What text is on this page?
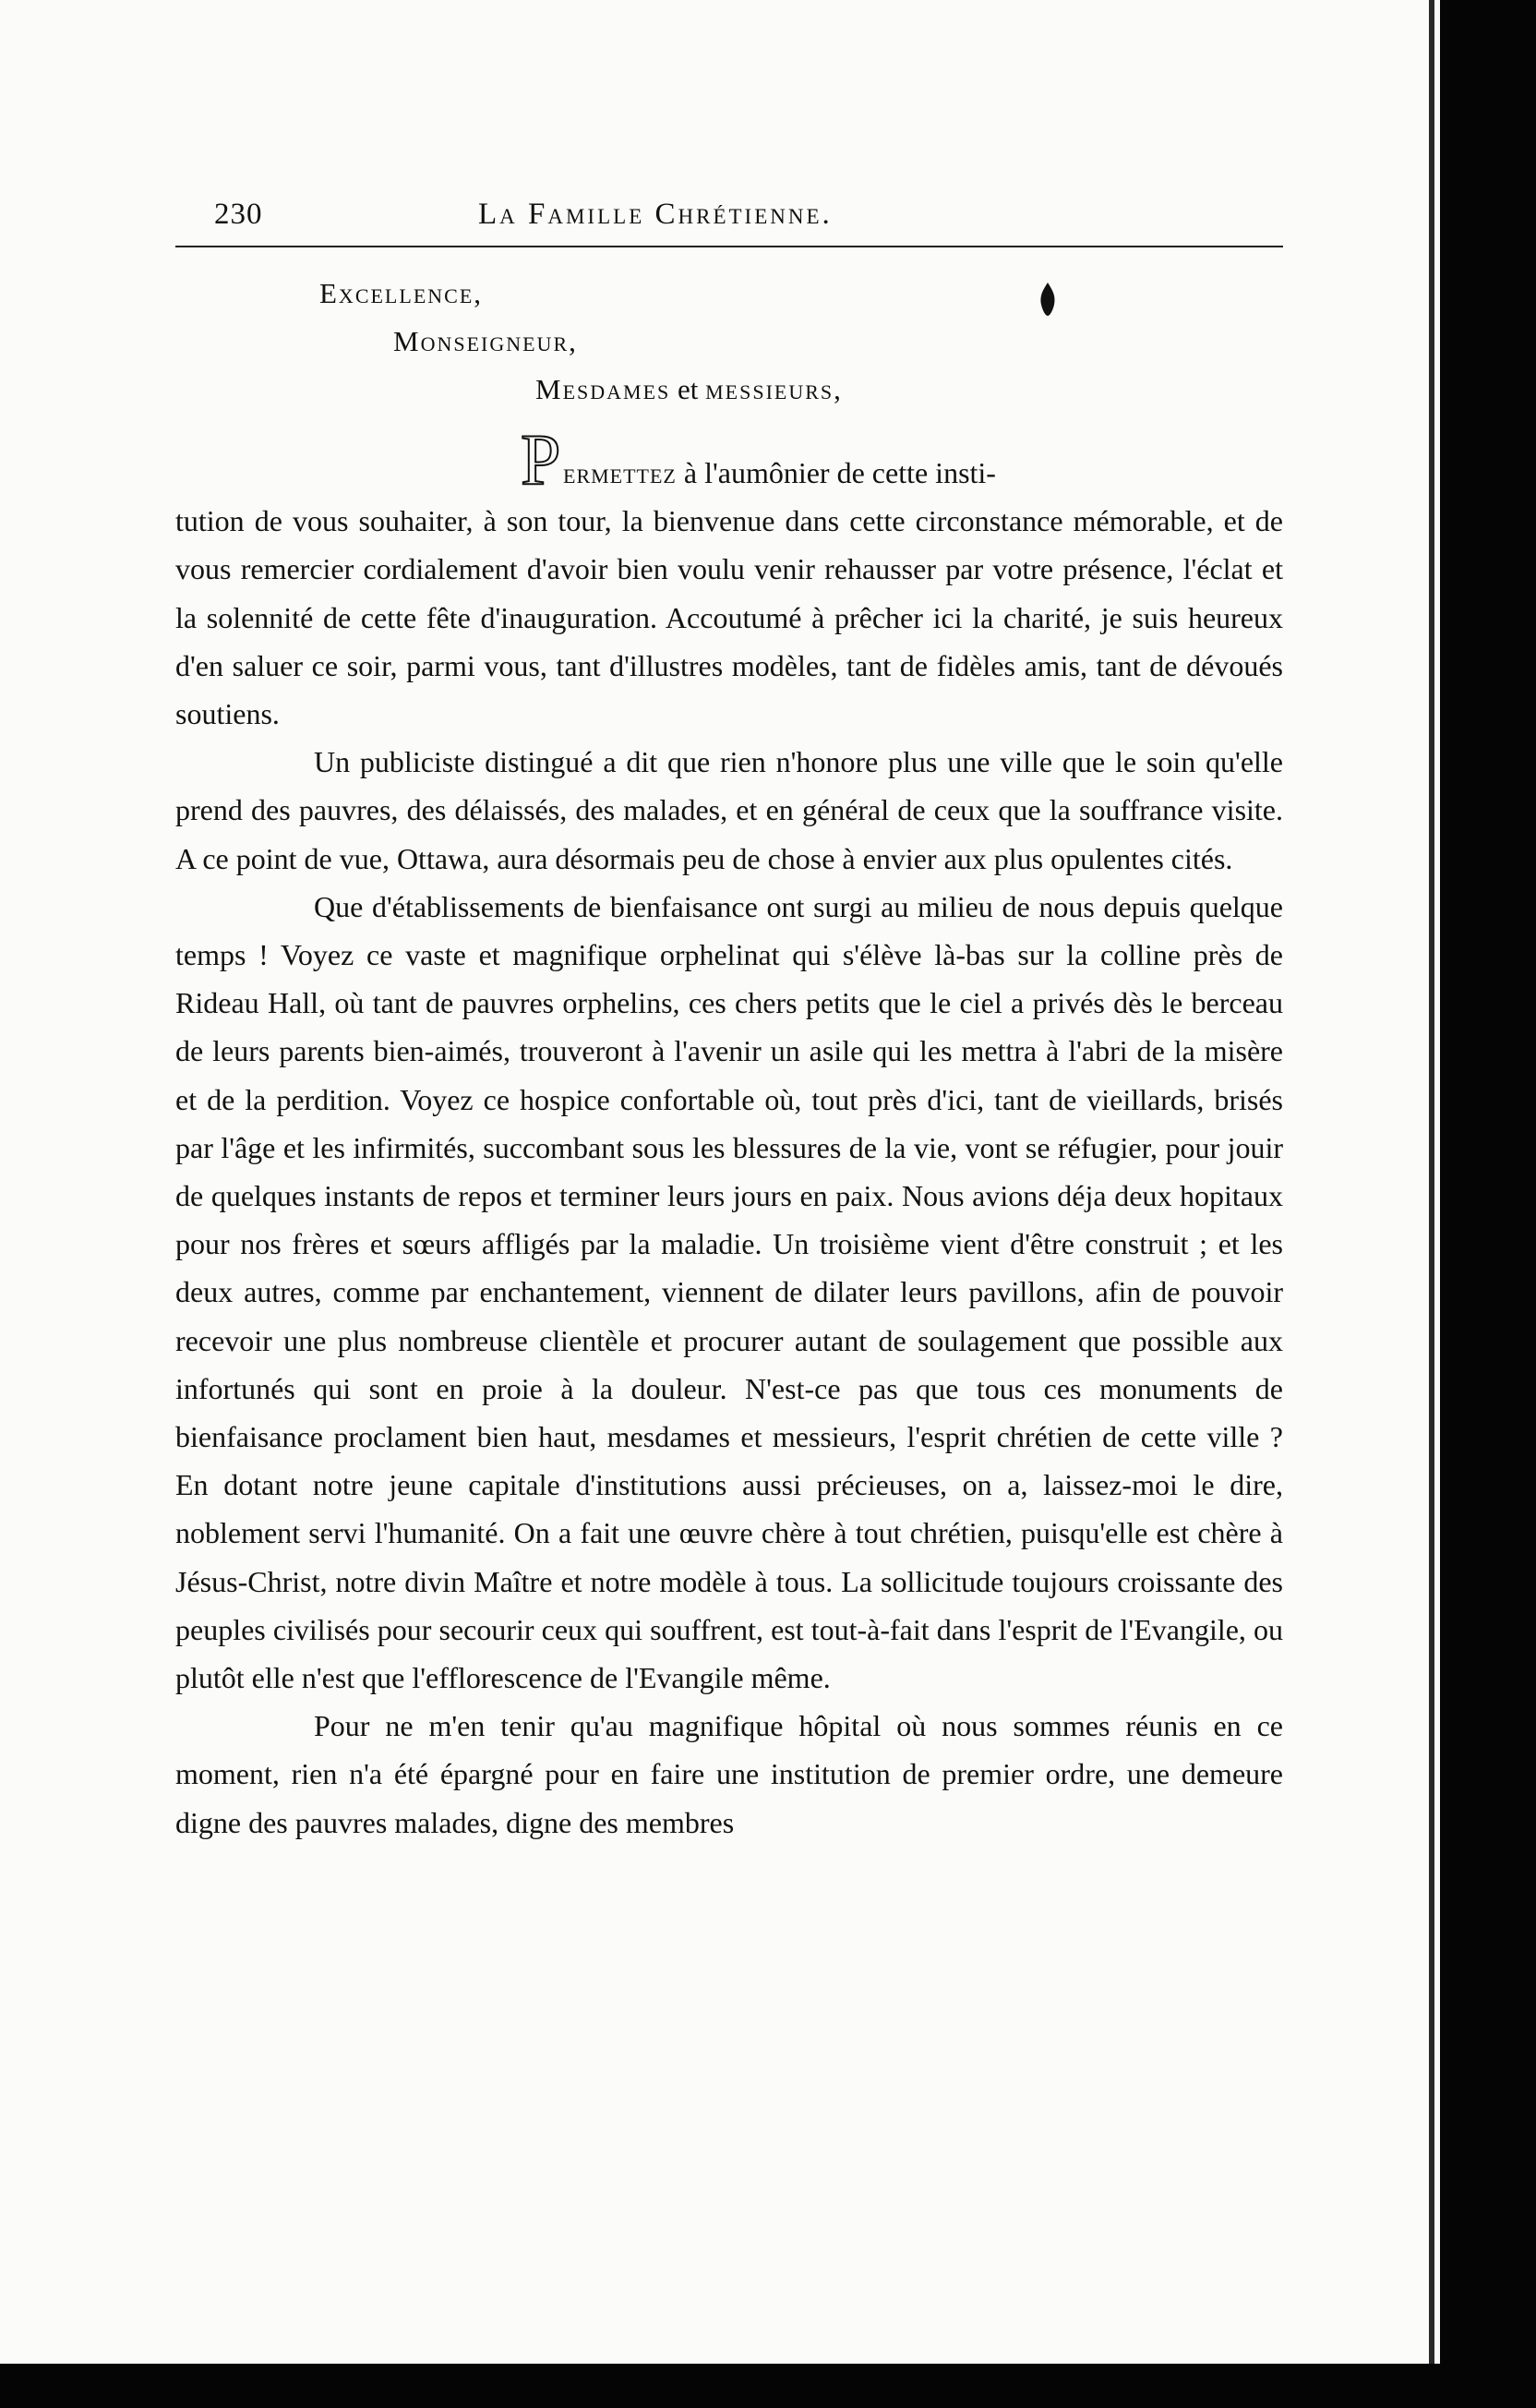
230	La Famille Chrétienne.
Excellence,
Monseigneur,
Mesdames et messieurs,
P ermettez à l'aumônier de cette insti-
tution de vous souhaiter, à son tour, la bienvenue dans cette circonstance mémorable, et de vous remercier cordialement d'avoir bien voulu venir rehausser par votre présence, l'éclat et la solennité de cette fête d'inauguration. Accoutumé à prêcher ici la charité, je suis heureux d'en saluer ce soir, parmi vous, tant d'illustres modèles, tant de fidèles amis, tant de dévoués soutiens.

Un publiciste distingué a dit que rien n'honore plus une ville que le soin qu'elle prend des pauvres, des délaissés, des malades, et en général de ceux que la souffrance visite. A ce point de vue, Ottawa, aura désormais peu de chose à envier aux plus opulentes cités.

Que d'établissements de bienfaisance ont surgi au milieu de nous depuis quelque temps ! Voyez ce vaste et magnifique orphelinat qui s'élève là-bas sur la colline près de Rideau Hall, où tant de pauvres orphelins, ces chers petits que le ciel a privés dès le berceau de leurs parents bien-aimés, trouveront à l'avenir un asile qui les mettra à l'abri de la misère et de la perdition. Voyez ce hospice confortable où, tout près d'ici, tant de vieillards, brisés par l'âge et les infirmités, succombant sous les blessures de la vie, vont se réfugier, pour jouir de quelques instants de repos et terminer leurs jours en paix. Nous avions déja deux hopitaux pour nos frères et sœurs affligés par la maladie. Un troisième vient d'être construit ; et les deux autres, comme par enchantement, viennent de dilater leurs pavillons, afin de pouvoir recevoir une plus nombreuse clientèle et procurer autant de soulagement que possible aux infortunés qui sont en proie à la douleur. N'est-ce pas que tous ces monuments de bienfaisance proclament bien haut, mesdames et messieurs, l'esprit chrétien de cette ville ? En dotant notre jeune capitale d'institutions aussi précieuses, on a, laissez-moi le dire, noblement servi l'humanité. On a fait une œuvre chère à tout chrétien, puisqu'elle est chère à Jésus-Christ, notre divin Maître et notre modèle à tous. La sollicitude toujours croissante des peuples civilisés pour secourir ceux qui souffrent, est tout-à-fait dans l'esprit de l'Evangile, ou plutôt elle n'est que l'efflorescence de l'Evangile même.

Pour ne m'en tenir qu'au magnifique hôpital où nous sommes réunis en ce moment, rien n'a été épargné pour en faire une institution de premier ordre, une demeure digne des pauvres malades, digne des membres
